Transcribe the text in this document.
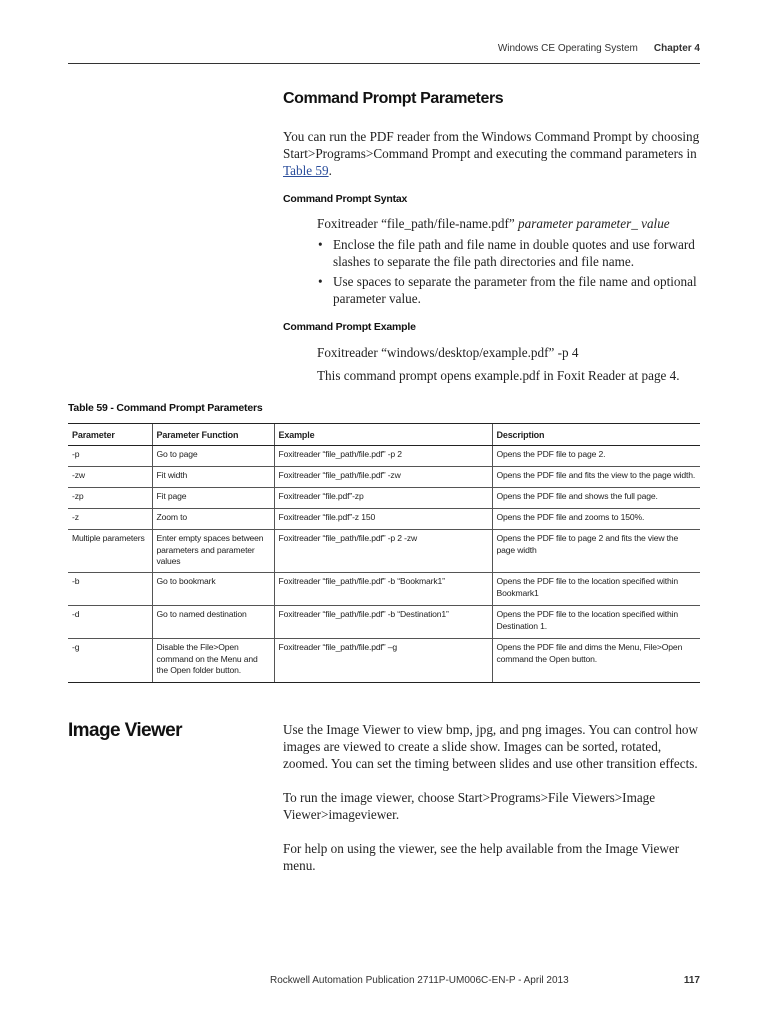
Windows CE Operating System Chapter 4
Command Prompt Parameters
You can run the PDF reader from the Windows Command Prompt by choosing Start>Programs>Command Prompt and executing the command parameters in Table 59.
Command Prompt Syntax
Foxitreader “file_path/file-name.pdf” parameter parameter_ value
• Enclose the file path and file name in double quotes and use forward slashes to separate the file path directories and file name.
• Use spaces to separate the parameter from the file name and optional parameter value.
Command Prompt Example
Foxitreader “windows/desktop/example.pdf” -p 4
This command prompt opens example.pdf in Foxit Reader at page 4.
Table 59 - Command Prompt Parameters
Parameter	Parameter Function	Example	Description
-p	Go to page	Foxitreader “file_path/file.pdf” -p 2	Opens the PDF file to page 2.
-zw	Fit width	Foxitreader “file_path/file.pdf” -zw	Opens the PDF file and fits the view to the page width.
-zp	Fit page	Foxitreader “file.pdf”-zp	Opens the PDF file and shows the full page.
-z	Zoom to	Foxitreader “file.pdf”-z 150	Opens the PDF file and zooms to 150%.
Multiple parameters	Enter empty spaces between parameters and parameter values	Foxitreader “file_path/file.pdf” -p 2 -zw	Opens the PDF file to page 2 and fits the view the page width
-b	Go to bookmark	Foxitreader “file_path/file.pdf” -b “Bookmark1”	Opens the PDF file to the location specified within Bookmark1
-d	Go to named destination	Foxitreader “file_path/file.pdf” -b “Destination1”	Opens the PDF file to the location specified within Destination 1.
-g	Disable the File>Open command on the Menu and the Open folder button.	Foxitreader “file_path/file.pdf” –g	Opens the PDF file and dims the Menu, File>Open command the Open button.
Image Viewer	Use the Image Viewer to view bmp, jpg, and png images. You can control how images are viewed to create a slide show. Images can be sorted, rotated, zoomed. You can set the timing between slides and use other transition effects.
To run the image viewer, choose Start>Programs>File Viewers>Image Viewer>imageviewer.
For help on using the viewer, see the help available from the Image Viewer menu.
Rockwell Automation Publication 2711P-UM006C-EN-P - April 2013	117
